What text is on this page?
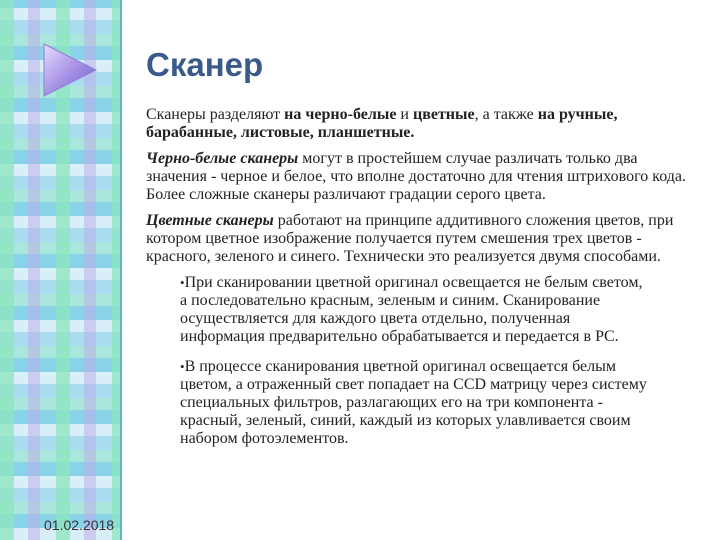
Сканер

Сканеры разделяют на черно-белые и цветные, а также на ручные, барабанные, листовые, планшетные.

Черно-белые сканеры могут в простейшем случае различать только два значения - черное и белое, что вполне достаточно для чтения штрихового кода. Более сложные сканеры различают градации серого цвета.

Цветные сканеры работают на принципе аддитивного сложения цветов, при котором цветное изображение получается путем смешения трех цветов - красного, зеленого и синего. Технически это реализуется двумя способами.

•При сканировании цветной оригинал освещается не белым светом, а последовательно красным, зеленым и синим. Сканирование осуществляется для каждого цвета отдельно, полученная информация предварительно обрабатывается и передается в PC.

•В процессе сканирования цветной оригинал освещается белым цветом, а отраженный свет попадает на CCD матрицу через систему специальных фильтров, разлагающих его на три компонента - красный, зеленый, синий, каждый из которых улавливается своим набором фотоэлементов.

01.02.2018
